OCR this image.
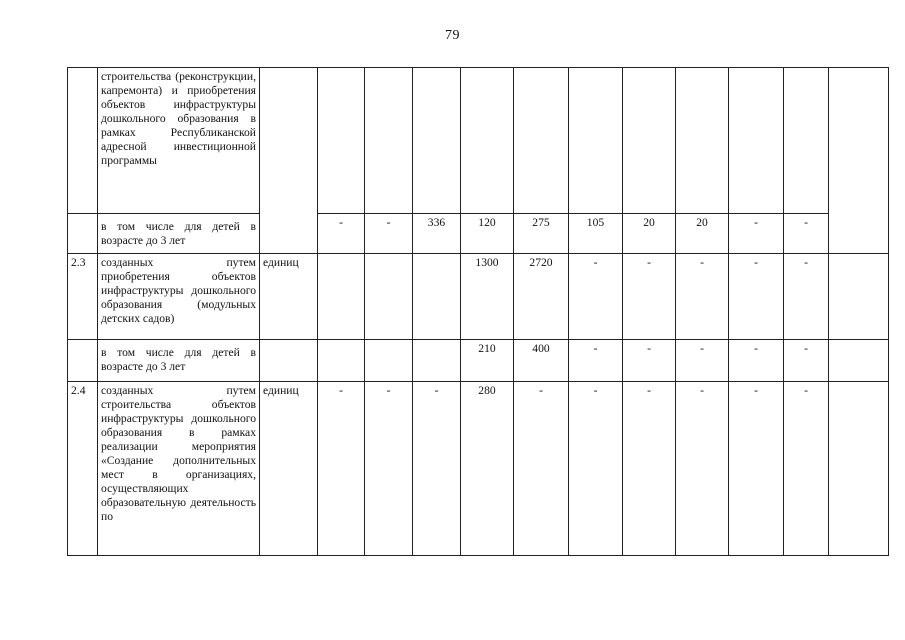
79
	строительства (реконструкции, капремонта) и приобретения объектов инфраструктуры дошкольного образования в рамках Республиканской адресной инвестиционной программы												
	в том числе для детей в возрасте до 3 лет		-	-	336	120	275	105	20	20	-	-	
2.3	созданных путем приобретения объектов инфраструктуры дошкольного образования (модульных детских садов)	единиц				1300	2720	-	-	-	-	-	
	в том числе для детей в возрасте до 3 лет					210	400	-	-	-	-	-	
2.4	созданных путем строительства объектов инфраструктуры дошкольного образования в рамках реализации мероприятия «Создание дополнительных мест в организациях, осуществляющих образовательную деятельность по	единиц	-	-	-	280	-	-	-	-	-	-	
